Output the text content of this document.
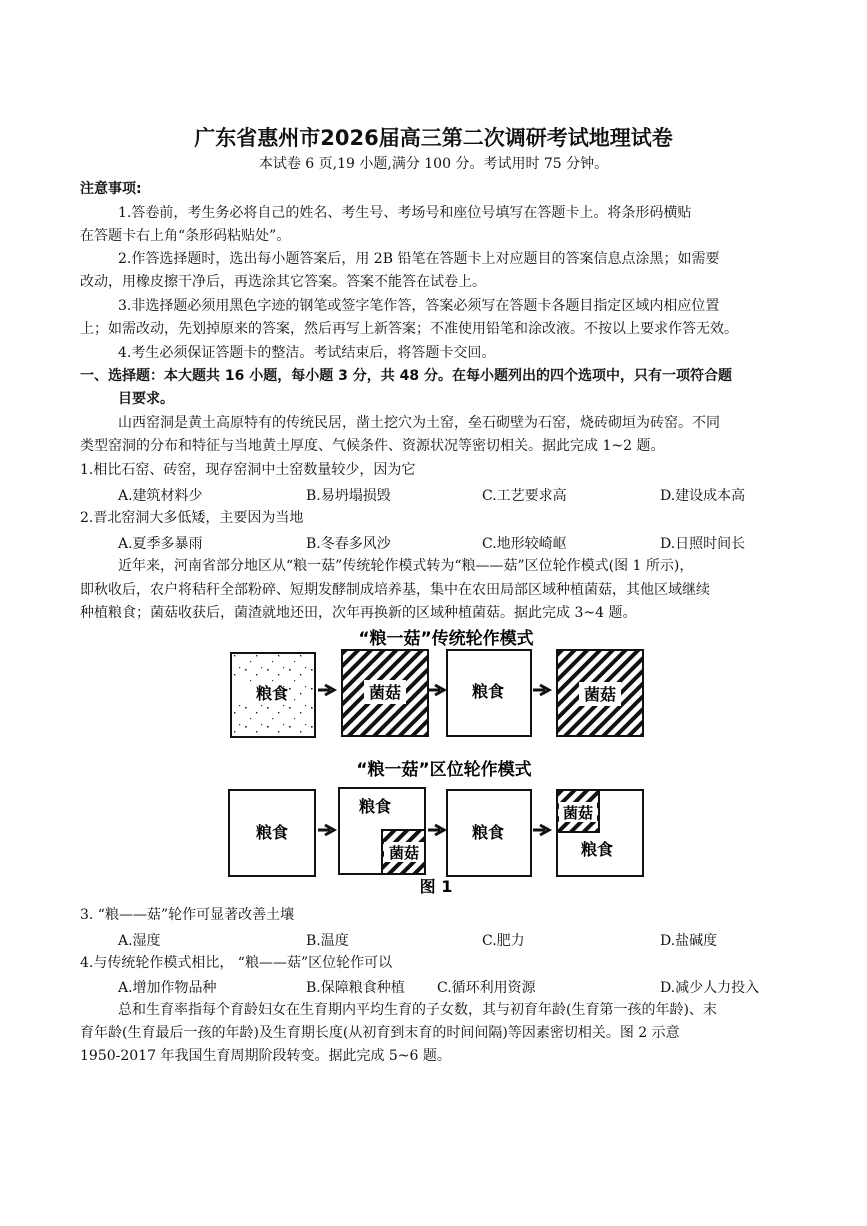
广东省惠州市2026届高三第二次调研考试地理试卷
本试卷 6 页,19 小题,满分 100 分。考试用时 75 分钟。
注意事项:
1.答卷前，考生务必将自己的姓名、考生号、考场号和座位号填写在答题卡上。将条形码横贴
在答题卡右上角“条形码粘贴处”。
2.作答选择题时，选出每小题答案后，用 2B 铅笔在答题卡上对应题目的答案信息点涂黑；如需要
改动，用橡皮擦干净后，再选涂其它答案。答案不能答在试卷上。
3.非选择题必须用黑色字迹的钢笔或签字笔作答，答案必须写在答题卡各题目指定区域内相应位置
上；如需改动，先划掉原来的答案，然后再写上新答案；不准使用铅笔和涂改液。不按以上要求作答无效。
4.考生必须保证答题卡的整洁。考试结束后，将答题卡交回。
一、选择题：本大题共 16 小题，每小题 3 分，共 48 分。在每小题列出的四个选项中，只有一项符合题
目要求。
山西窑洞是黄土高原特有的传统民居，凿土挖穴为土窑，垒石砌壁为石窑，烧砖砌垣为砖窑。不同
类型窑洞的分布和特征与当地黄土厚度、气候条件、资源状况等密切相关。据此完成 1~2 题。
1.相比石窑、砖窑，现存窑洞中土窑数量较少，因为它
A.建筑材料少	B.易坍塌损毁	C.工艺要求高	D.建设成本高
2.晋北窑洞大多低矮，主要因为当地
A.夏季多暴雨	B.冬春多风沙	C.地形较崎岖	D.日照时间长
近年来，河南省部分地区从“粮一菇”传统轮作模式转为“粮——菇”区位轮作模式(图 1 所示)，
即秋收后，农户将秸秆全部粉碎、短期发酵制成培养基，集中在农田局部区域种植菌菇，其他区域继续
种植粮食；菌菇收获后，菌渣就地还田，次年再换新的区域种植菌菇。据此完成 3~4 题。
“粮一菇”传统轮作模式
粮食	菌菇	粮食	菌菇
“粮一菇”区位轮作模式
粮食
粮食
菌菇
粮食
菌菇
粮食
图 1
3. “粮——菇”轮作可显著改善土壤
A.湿度	B.温度	C.肥力	D.盐碱度
4.与传统轮作模式相比， “粮——菇”区位轮作可以
A.增加作物品种	B.保障粮食种植 C.循环利用资源	D.减少人力投入
总和生育率指每个育龄妇女在生育期内平均生育的子女数，其与初育年龄(生育第一孩的年龄)、末
育年龄(生育最后一孩的年龄)及生育期长度(从初育到末育的时间间隔)等因素密切相关。图 2 示意
1950-2017 年我国生育周期阶段转变。据此完成 5~6 题。
